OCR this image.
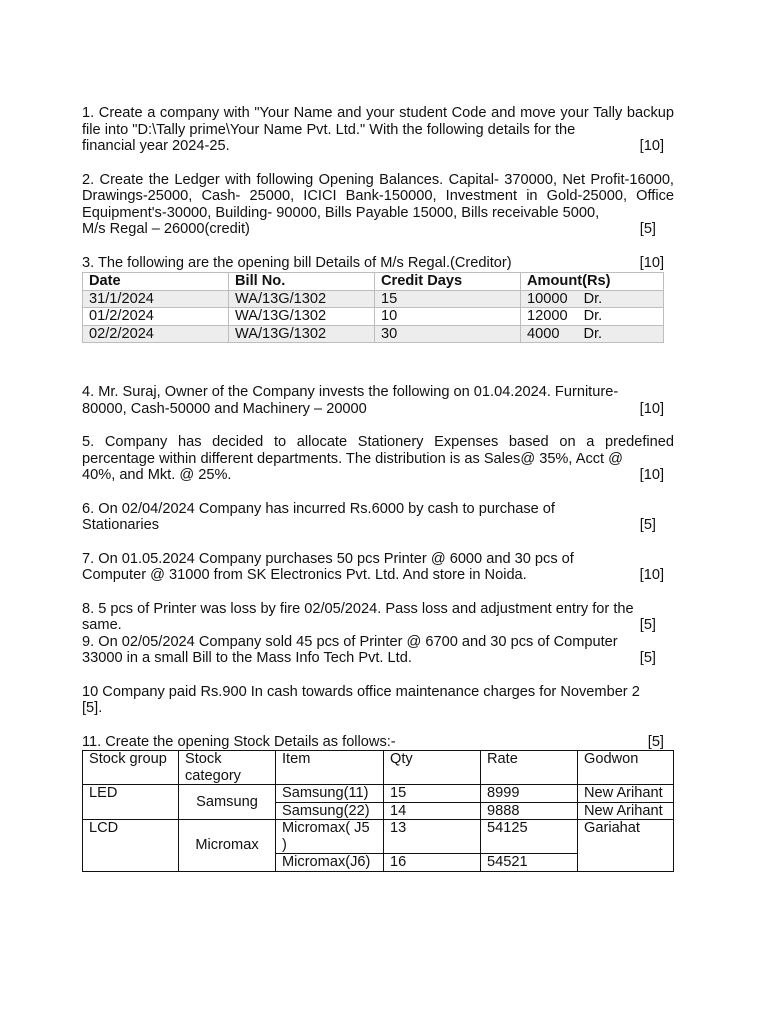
1. Create a company with "Your Name and your student Code and move your Tally backup file into "D:\Tally prime\Your Name Pvt. Ltd." With the following details for the

financial year 2024-25.	[10]

2. Create the Ledger with following Opening Balances. Capital- 370000, Net Profit-16000, Drawings-25000, Cash- 25000, ICICI Bank-150000, Investment in Gold-25000, Office Equipment's-30000, Building- 90000, Bills Payable 15000, Bills receivable 5000,

M/s Regal – 26000(credit)	[5]

3. The following are the opening bill Details of M/s Regal.(Creditor)	[10]
Date	Bill No.	Credit Days	Amount(Rs)
31/1/2024	WA/13G/1302	15	10000 Dr.
01/2/2024	WA/13G/1302	10	12000 Dr.
02/2/2024	WA/13G/1302	30	4000 Dr.

4. Mr. Suraj, Owner of the Company invests the following on 01.04.2024. Furniture-

80000, Cash-50000 and Machinery – 20000	[10]

5. Company has decided to allocate Stationery Expenses based on a predefined percentage within different departments. The distribution is as Sales@ 35%, Acct @

40%, and Mkt. @ 25%.	[10]

6. On 02/04/2024 Company has incurred Rs.6000 by cash to purchase of

Stationaries	[5]

7. On 01.05.2024 Company purchases 50 pcs Printer @ 6000 and 30 pcs of

Computer @ 31000 from SK Electronics Pvt. Ltd. And store in Noida.	[10]

8. 5 pcs of Printer was loss by fire 02/05/2024. Pass loss and adjustment entry for the

same.	[5]

9. On 02/05/2024 Company sold 45 pcs of Printer @ 6700 and 30 pcs of Computer

33000 in a small Bill to the Mass Info Tech Pvt. Ltd.	[5]

10 Company paid Rs.900 In cash towards office maintenance charges for November 2

[5].

11. Create the opening Stock Details as follows:-	[5]
Stock group	Stock category	Item	Qty	Rate	Godwon
LED	Samsung	Samsung(11)	15	8999	New Arihant
		Samsung(22)	14	9888	New Arihant
LCD	Micromax	Micromax( J5 )	13	54125	Gariahat
		Micromax(J6)	16	54521	
